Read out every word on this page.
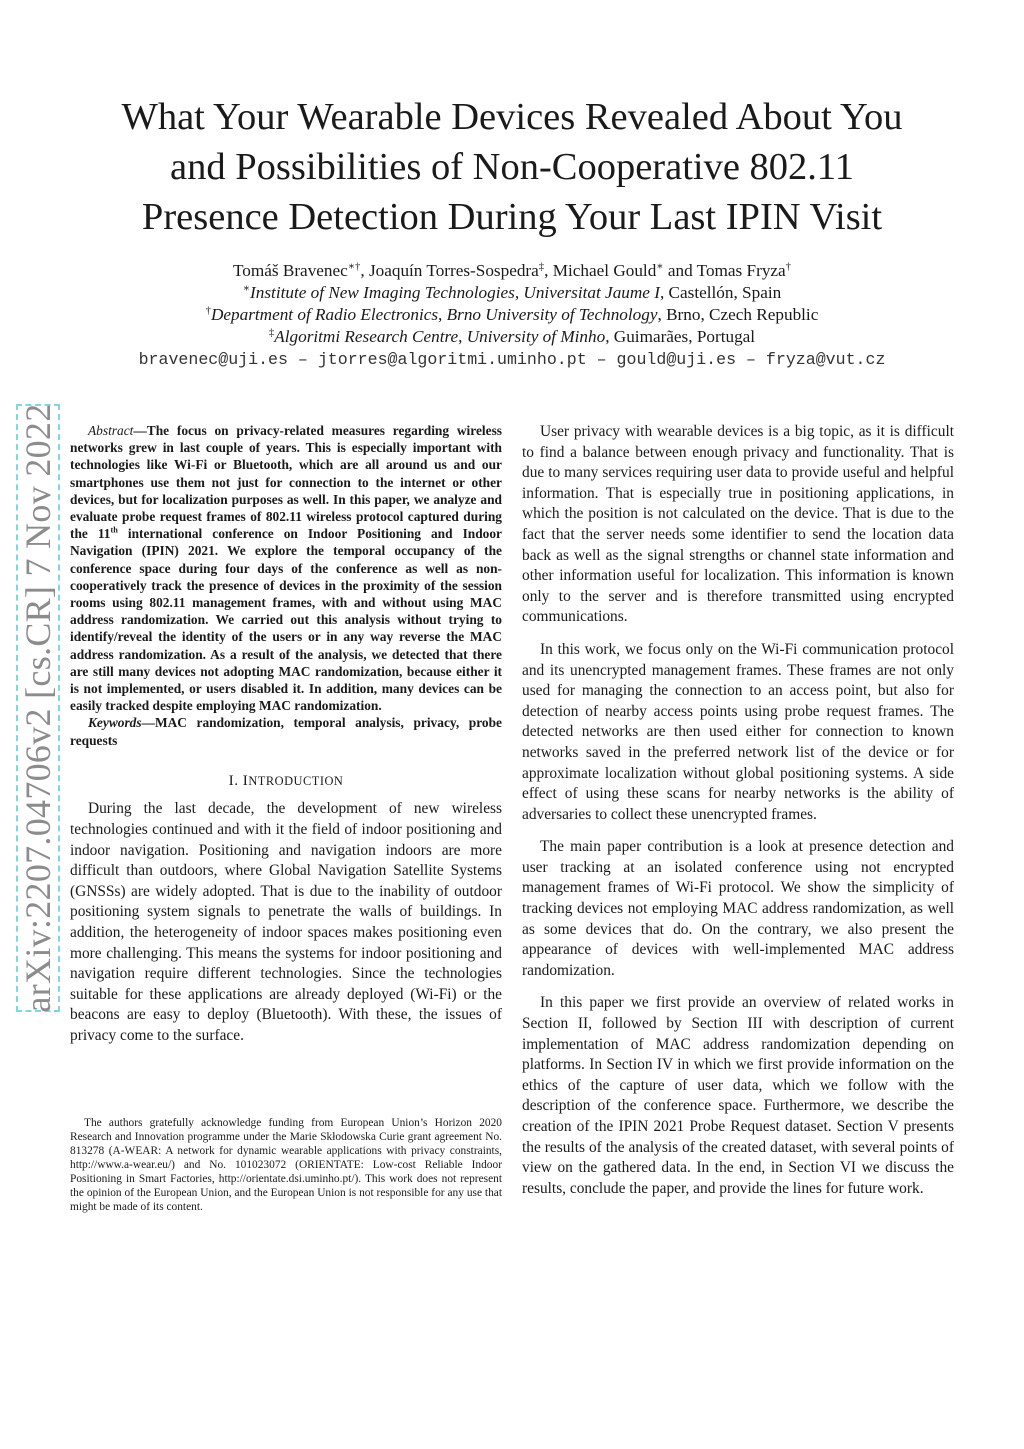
What Your Wearable Devices Revealed About You
and Possibilities of Non-Cooperative 802.11
Presence Detection During Your Last IPIN Visit
Tomáš Bravenec∗†, Joaquín Torres-Sospedra‡, Michael Gould∗ and Tomas Fryza†
∗Institute of New Imaging Technologies, Universitat Jaume I, Castellón, Spain
†Department of Radio Electronics, Brno University of Technology, Brno, Czech Republic
‡Algoritmi Research Centre, University of Minho, Guimarães, Portugal
bravenec@uji.es – jtorres@algoritmi.uminho.pt – gould@uji.es – fryza@vut.cz
arXiv:2207.04706v2 [cs.CR] 7 Nov 2022	Abstract—The focus on privacy-related measures regarding wireless networks grew in last couple of years. This is especially important with technologies like Wi-Fi or Bluetooth, which are all around us and our smartphones use them not just for connection to the internet or other devices, but for localization purposes as well. In this paper, we analyze and evaluate probe request frames of 802.11 wireless protocol captured during the 11th international conference on Indoor Positioning and Indoor Navigation (IPIN) 2021. We explore the temporal occupancy of the conference space during four days of the conference as well as non-cooperatively track the presence of devices in the proximity of the session rooms using 802.11 management frames, with and without using MAC address randomization. We carried out this analysis without trying to identify/reveal the identity of the users or in any way reverse the MAC address randomization. As a result of the analysis, we detected that there are still many devices not adopting MAC randomization, because either it is not implemented, or users disabled it. In addition, many devices can be easily tracked despite employing MAC randomization.

Keywords—MAC randomization, temporal analysis, privacy, probe requests

I. INTRODUCTION

During the last decade, the development of new wireless technologies continued and with it the field of indoor positioning and indoor navigation. Positioning and navigation indoors are more difficult than outdoors, where Global Navigation Satellite Systems (GNSSs) are widely adopted. That is due to the inability of outdoor positioning system signals to penetrate the walls of buildings. In addition, the heterogeneity of indoor spaces makes positioning even more challenging. This means the systems for indoor positioning and navigation require different technologies. Since the technologies suitable for these applications are already deployed (Wi-Fi) or the beacons are easy to deploy (Bluetooth). With these, the issues of privacy come to the surface.

The authors gratefully acknowledge funding from European Union’s Horizon 2020 Research and Innovation programme under the Marie Skłodowska Curie grant agreement No. 813278 (A-WEAR: A network for dynamic wearable applications with privacy constraints, http://www.a-wear.eu/) and No. 101023072 (ORIENTATE: Low-cost Reliable Indoor Positioning in Smart Factories, http://orientate.dsi.uminho.pt/). This work does not represent the opinion of the European Union, and the European Union is not responsible for any use that might be made of its content.

User privacy with wearable devices is a big topic, as it is difficult to find a balance between enough privacy and functionality. That is due to many services requiring user data to provide useful and helpful information. That is especially true in positioning applications, in which the position is not calculated on the device. That is due to the fact that the server needs some identifier to send the location data back as well as the signal strengths or channel state information and other information useful for localization. This information is known only to the server and is therefore transmitted using encrypted communications.

In this work, we focus only on the Wi-Fi communication protocol and its unencrypted management frames. These frames are not only used for managing the connection to an access point, but also for detection of nearby access points using probe request frames. The detected networks are then used either for connection to known networks saved in the preferred network list of the device or for approximate localization without global positioning systems. A side effect of using these scans for nearby networks is the ability of adversaries to collect these unencrypted frames.

The main paper contribution is a look at presence detection and user tracking at an isolated conference using not encrypted management frames of Wi-Fi protocol. We show the simplicity of tracking devices not employing MAC address randomization, as well as some devices that do. On the contrary, we also present the appearance of devices with well-implemented MAC address randomization.

In this paper we first provide an overview of related works in Section II, followed by Section III with description of current implementation of MAC address randomization depending on platforms. In Section IV in which we first provide information on the ethics of the capture of user data, which we follow with the description of the conference space. Furthermore, we describe the creation of the IPIN 2021 Probe Request dataset. Section V presents the results of the analysis of the created dataset, with several points of view on the gathered data. In the end, in Section VI we discuss the results, conclude the paper, and provide the lines for future work.
